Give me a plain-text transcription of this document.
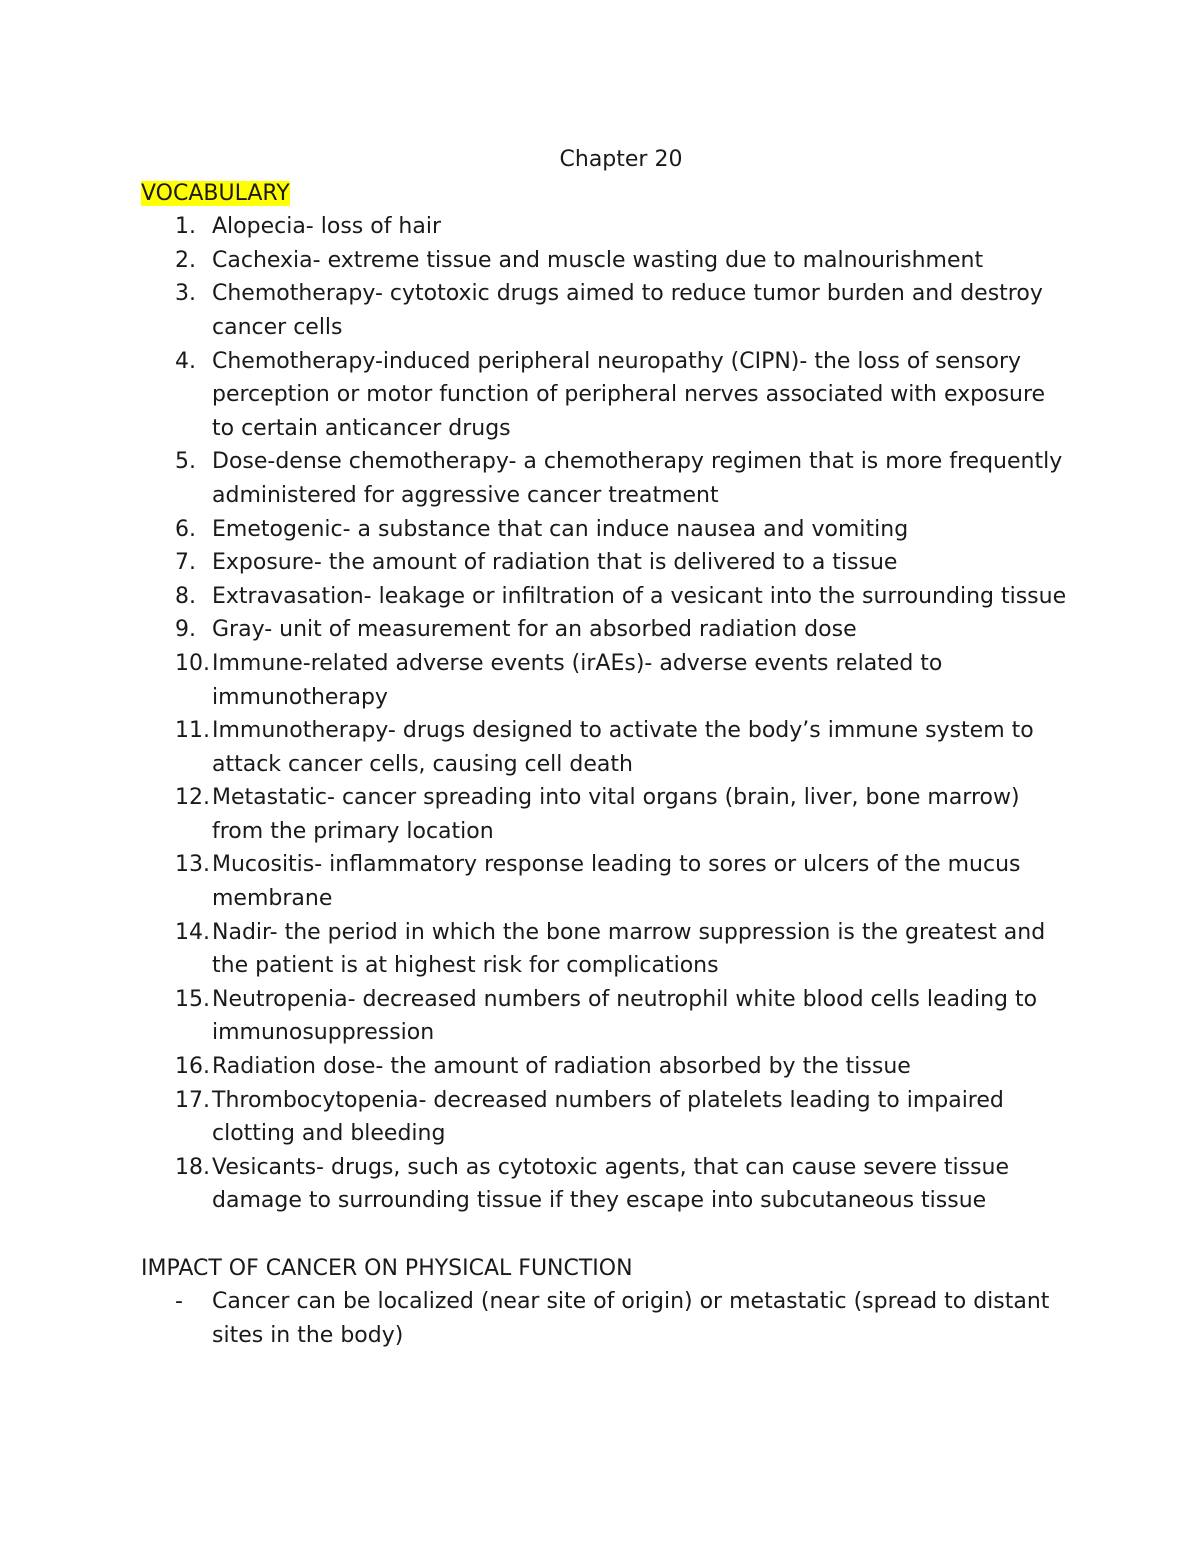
Chapter 20
VOCABULARY
1. Alopecia- loss of hair
2. Cachexia- extreme tissue and muscle wasting due to malnourishment
3. Chemotherapy- cytotoxic drugs aimed to reduce tumor burden and destroy cancer cells
4. Chemotherapy-induced peripheral neuropathy (CIPN)- the loss of sensory perception or motor function of peripheral nerves associated with exposure to certain anticancer drugs
5. Dose-dense chemotherapy- a chemotherapy regimen that is more frequently administered for aggressive cancer treatment
6. Emetogenic- a substance that can induce nausea and vomiting
7. Exposure- the amount of radiation that is delivered to a tissue
8. Extravasation- leakage or infiltration of a vesicant into the surrounding tissue
9. Gray- unit of measurement for an absorbed radiation dose
10. Immune-related adverse events (irAEs)- adverse events related to immunotherapy
11. Immunotherapy- drugs designed to activate the body’s immune system to attack cancer cells, causing cell death
12. Metastatic- cancer spreading into vital organs (brain, liver, bone marrow) from the primary location
13. Mucositis- inflammatory response leading to sores or ulcers of the mucus membrane
14. Nadir- the period in which the bone marrow suppression is the greatest and the patient is at highest risk for complications
15. Neutropenia- decreased numbers of neutrophil white blood cells leading to immunosuppression
16. Radiation dose- the amount of radiation absorbed by the tissue
17. Thrombocytopenia- decreased numbers of platelets leading to impaired clotting and bleeding
18. Vesicants- drugs, such as cytotoxic agents, that can cause severe tissue damage to surrounding tissue if they escape into subcutaneous tissue
IMPACT OF CANCER ON PHYSICAL FUNCTION
- Cancer can be localized (near site of origin) or metastatic (spread to distant sites in the body)
